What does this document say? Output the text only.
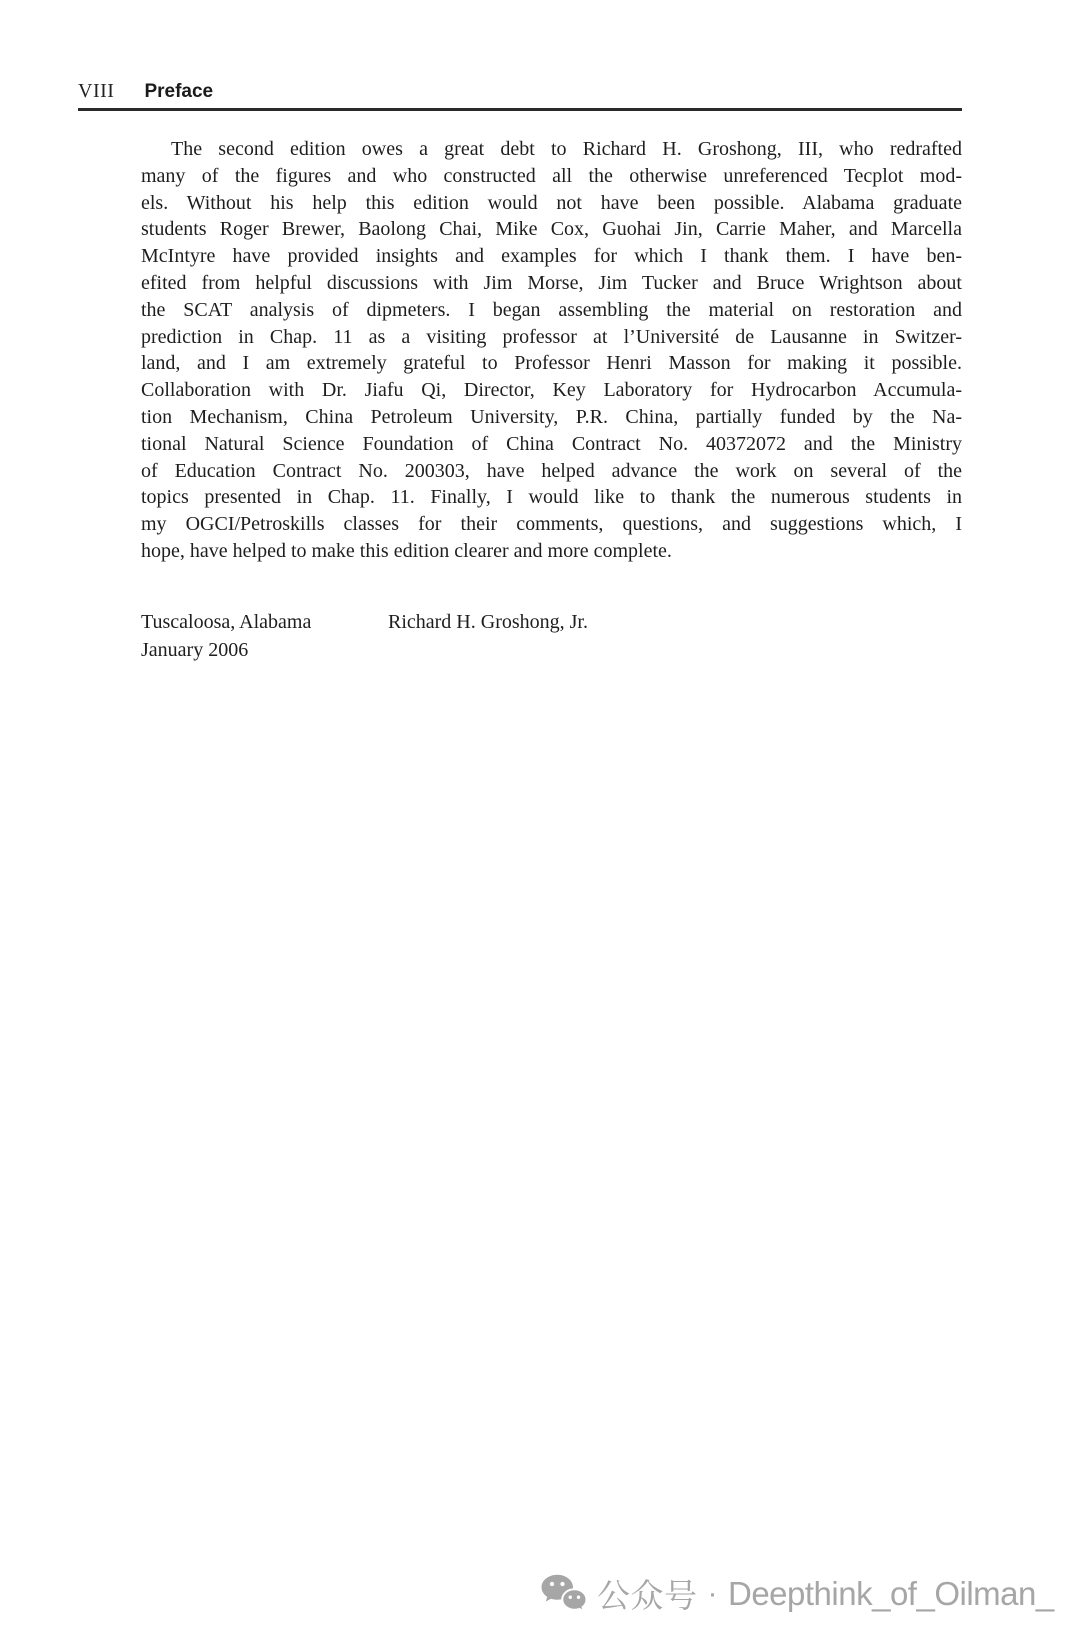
VIII Preface
The second edition owes a great debt to Richard H. Groshong, III, who redrafted
many of the figures and who constructed all the otherwise unreferenced Tecplot mod-
els. Without his help this edition would not have been possible. Alabama graduate
students Roger Brewer, Baolong Chai, Mike Cox, Guohai Jin, Carrie Maher, and Marcella
McIntyre have provided insights and examples for which I thank them. I have ben-
efited from helpful discussions with Jim Morse, Jim Tucker and Bruce Wrightson about
the SCAT analysis of dipmeters. I began assembling the material on restoration and
prediction in Chap. 11 as a visiting professor at l’Université de Lausanne in Switzer-
land, and I am extremely grateful to Professor Henri Masson for making it possible.
Collaboration with Dr. Jiafu Qi, Director, Key Laboratory for Hydrocarbon Accumula-
tion Mechanism, China Petroleum University, P.R. China, partially funded by the Na-
tional Natural Science Foundation of China Contract No. 40372072 and the Ministry
of Education Contract No. 200303, have helped advance the work on several of the
topics presented in Chap. 11. Finally, I would like to thank the numerous students in
my OGCI/Petroskills classes for their comments, questions, and suggestions which, I
hope, have helped to make this edition clearer and more complete.
Tuscaloosa, Alabama
January 2006
Richard H. Groshong, Jr.
公众号 · Deepthink_of_Oilman_
